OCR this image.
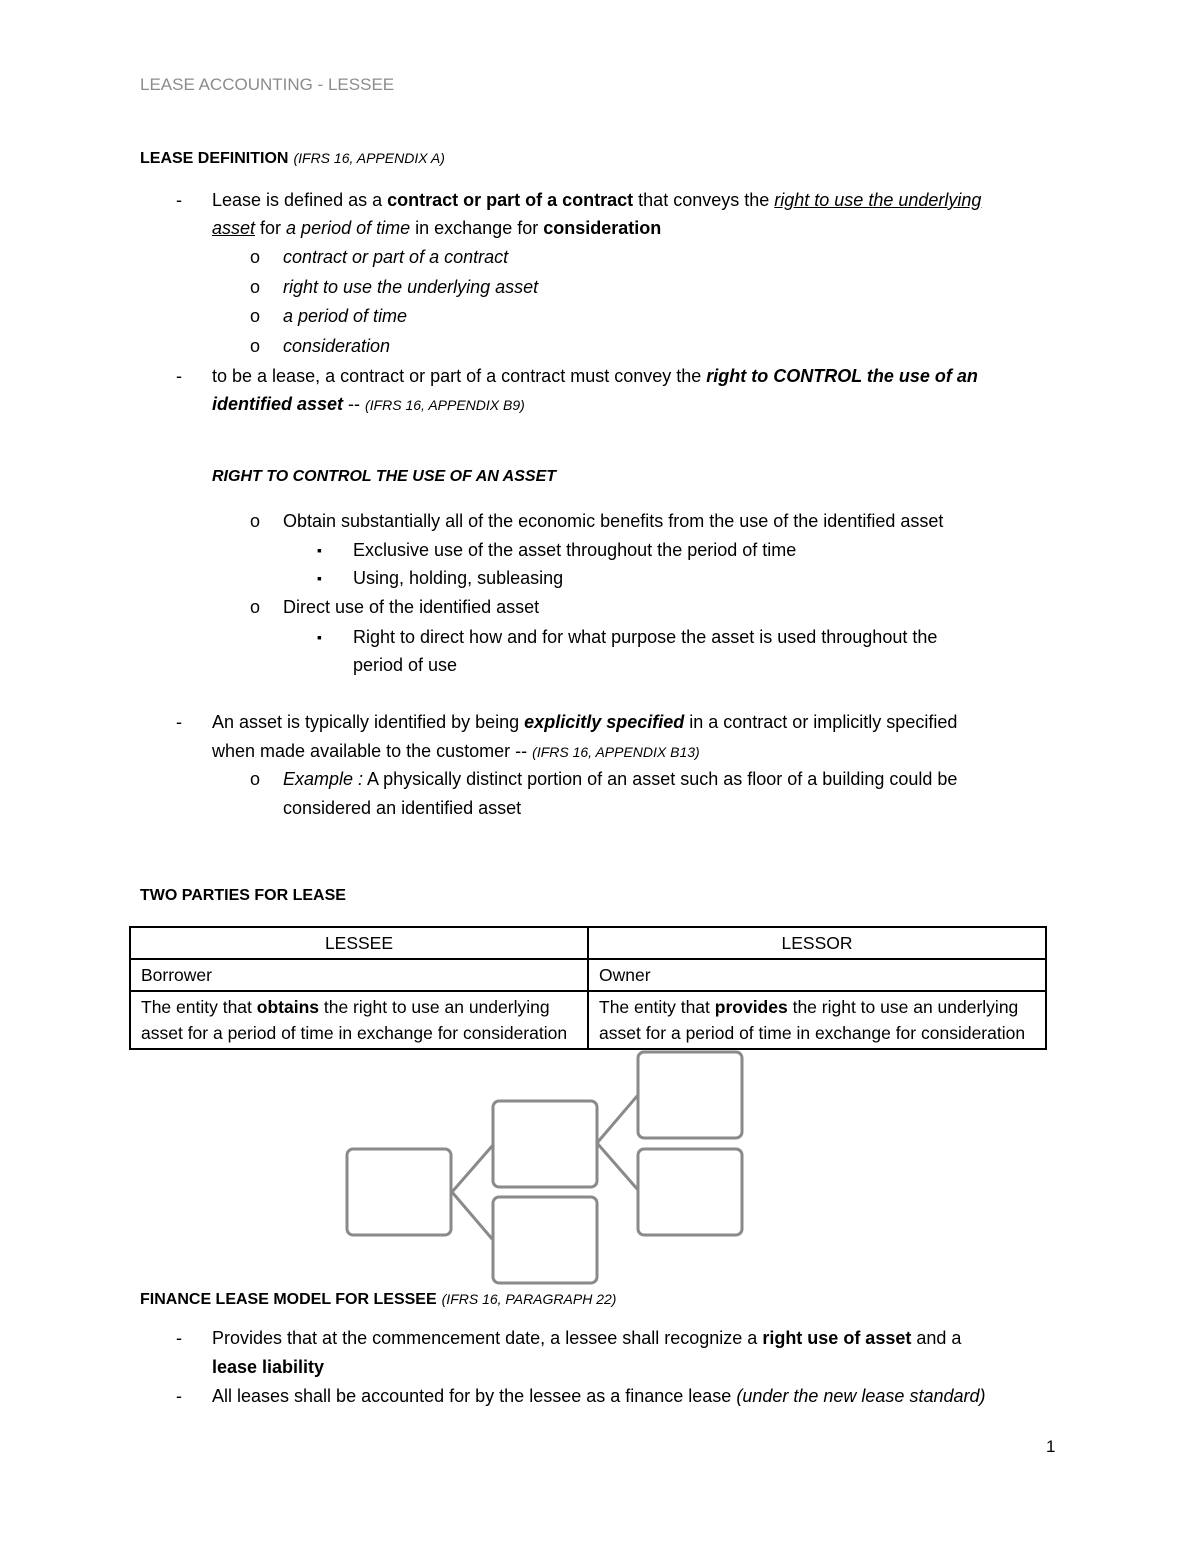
LEASE ACCOUNTING - LESSEE
LEASE DEFINITION (IFRS 16, APPENDIX A)
- Lease is defined as a contract or part of a contract that conveys the right to use the underlying
asset for a period of time in exchange for consideration
o contract or part of a contract
o right to use the underlying asset
o a period of time
o consideration
- to be a lease, a contract or part of a contract must convey the right to CONTROL the use of an
identified asset -- (IFRS 16, APPENDIX B9)
RIGHT TO CONTROL THE USE OF AN ASSET
o Obtain substantially all of the economic benefits from the use of the identified asset
▪ Exclusive use of the asset throughout the period of time
▪ Using, holding, subleasing
o Direct use of the identified asset
▪ Right to direct how and for what purpose the asset is used throughout the
period of use
- An asset is typically identified by being explicitly specified in a contract or implicitly specified
when made available to the customer -- (IFRS 16, APPENDIX B13)
o Example : A physically distinct portion of an asset such as floor of a building could be
considered an identified asset
TWO PARTIES FOR LEASE
LESSEE	LESSOR
Borrower	Owner
The entity that obtains the right to use an underlying asset for a period of time in exchange for consideration	The entity that provides the right to use an underlying asset for a period of time in exchange for consideration
FINANCE LEASE MODEL FOR LESSEE (IFRS 16, PARAGRAPH 22)
- Provides that at the commencement date, a lessee shall recognize a right use of asset and a
lease liability
- All leases shall be accounted for by the lessee as a finance lease (under the new lease standard)
1
